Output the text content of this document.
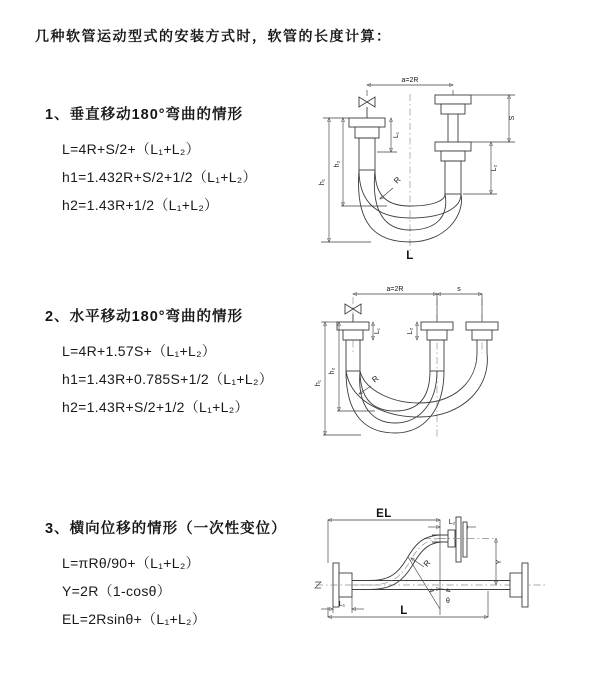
几种软管运动型式的安装方式时，软管的长度计算：
1、垂直移动180°弯曲的情形
L=4R+S/2+（L₁+L₂）
h1=1.432R+S/2+1/2（L₁+L₂）
h2=1.43R+1/2（L₁+L₂）
a=2R
h₁
h₂
L₁
S
L₂
R
L
2、水平移动180°弯曲的情形
L=4R+1.57S+（L₁+L₂）
h1=1.43R+0.785S+1/2（L₁+L₂）
h2=1.43R+S/2+1/2（L₁+L₂）
a=2R	s
h₁
h₂
L₁	L₂
R
3、横向位移的情形（一次性变位）
L=πRθ/90+（L₁+L₂）
Y=2R（1-cosθ）
EL=2Rsinθ+（L₁+L₂）
EL
L₂
Y
R
θ
L₁
L
